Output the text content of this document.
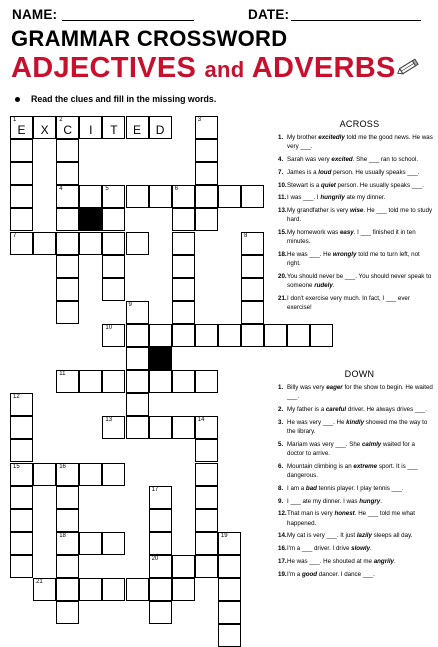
NAME:	DATE:
GRAMMAR CROSSWORD
ADJECTIVES and ADVERBS
Read the clues and fill in the missing words.
1
E	X
2
C	I	T	E	D
4
3
5	6
7	8
9
10
11
12
15
13	14
16
18
17
20
19
21
ACROSS
1. My brother excitedly told me the good news. He was very ___.
4. Sarah was very excited. She ___ ran to school.
7. James is a loud person. He usually speaks ___.
10. Stewart is a quiet person. He usually speaks ___.
11. I was ___. I hungrily ate my dinner.
13. My grandfather is very wise. He ___ told me to study hard.
15. My homework was easy. I ___ finished it in ten minutes.
18. He was ___. He wrongly told me to turn left, not right.
20. You should never be ___. You should never speak to someone rudely.
21. I don't exercise very much. In fact, I ___ ever exercise!
DOWN
1. Billy was very eager for the show to begin. He waited ___.
2. My father is a careful driver. He always drives ___.
3. He was very ___. He kindly showed me the way to the library.
5. Mariam was very ___. She calmly waited for a doctor to arrive.
6. Mountain climbing is an extreme sport. It is ___ dangerous.
8. I am a bad tennis player. I play tennis ___.
9. I ___ ate my dinner. I was hungry.
12. That man is very honest. He ___ told me what happened.
14. My cat is very ___. It just lazily sleeps all day.
16. I'm a ___ driver. I drive slowly.
17. He was ___. He shouted at me angrily.
19. I'm a good dancer. I dance ___.
